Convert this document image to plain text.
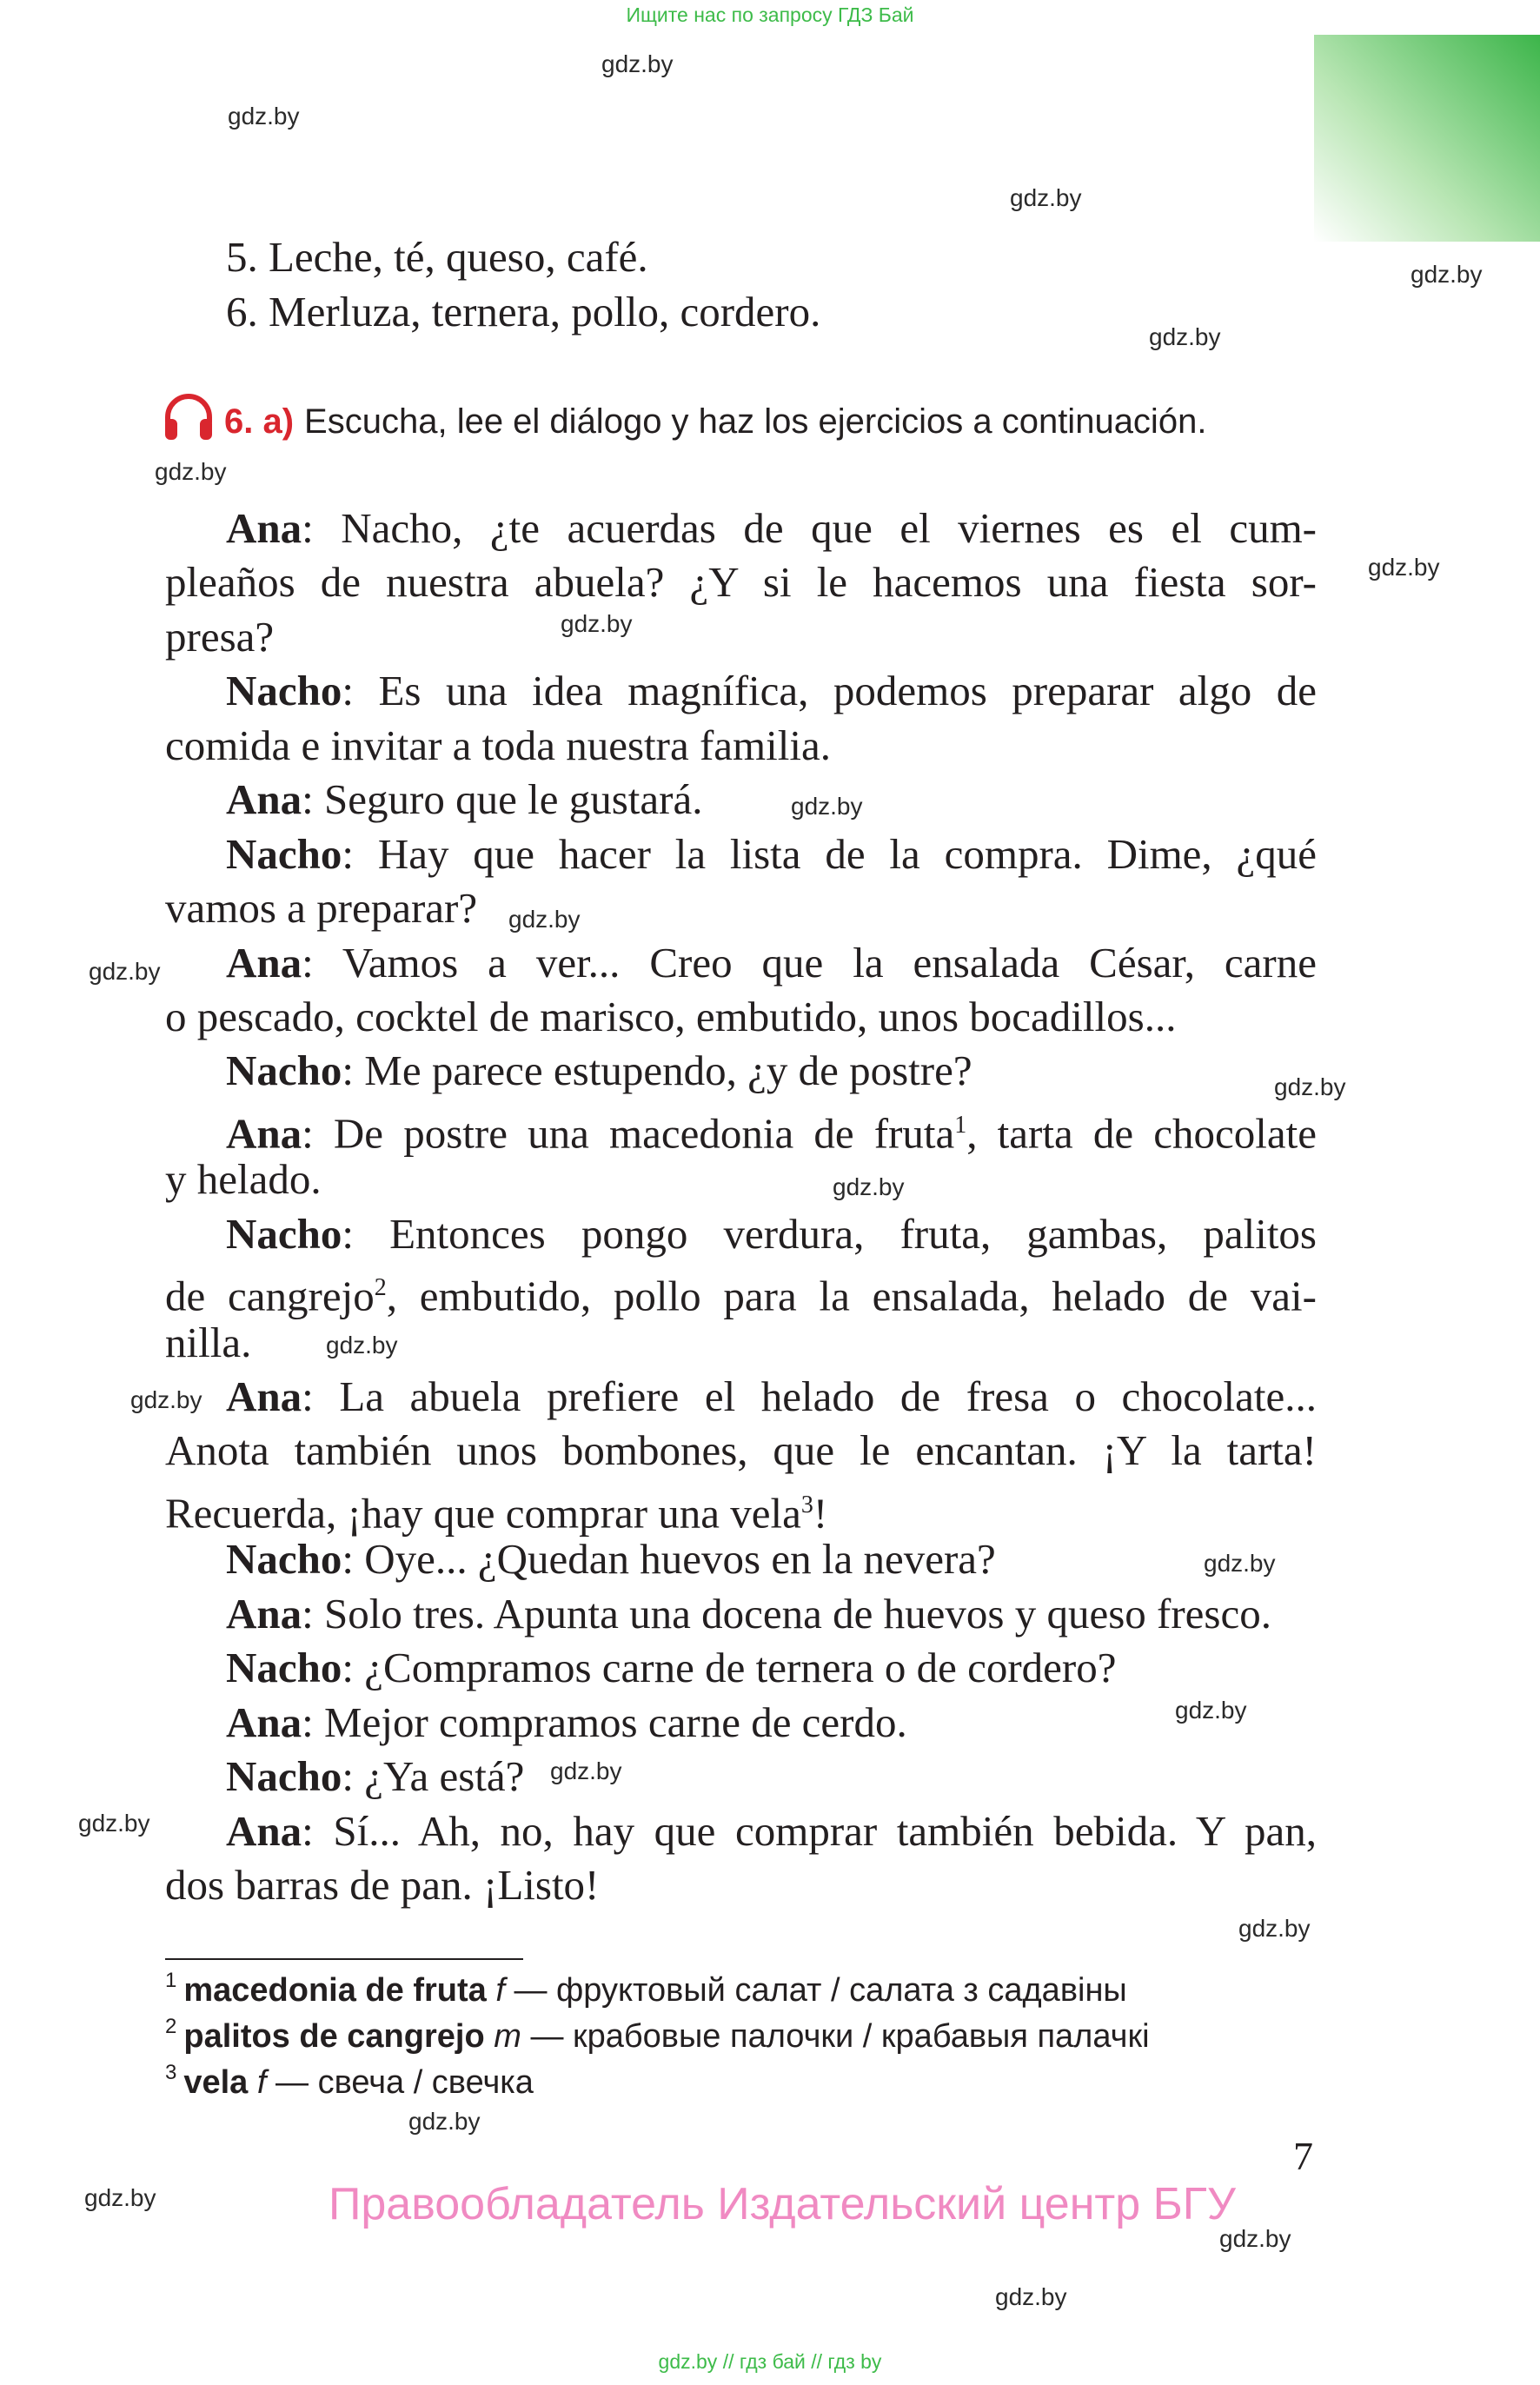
Ищите нас по запросу ГДЗ Бай
5. Leche, té, queso, café.
6. Merluza, ternera, pollo, cordero.
6. a) Escucha, lee el diálogo y haz los ejercicios a continuación.
Ana: Nacho, ¿te acuerdas de que el viernes es el cum-
pleaños de nuestra abuela? ¿Y si le hacemos una fiesta sor-
presa?
Nacho: Es una idea magnífica, podemos preparar algo de
comida e invitar a toda nuestra familia.
Ana: Seguro que le gustará.
Nacho: Hay que hacer la lista de la compra. Dime, ¿qué
vamos a preparar?
Ana: Vamos a ver... Creo que la ensalada César, carne
o pescado, cocktel de marisco, embutido, unos bocadillos...
Nacho: Me parece estupendo, ¿y de postre?
Ana: De postre una macedonia de fruta$^1$, tarta de chocolate
y helado.
Nacho: Entonces pongo verdura, fruta, gambas, palitos
de cangrejo$^2$, embutido, pollo para la ensalada, helado de vai-
nilla.
Ana: La abuela prefiere el helado de fresa o chocolate...
Anota también unos bombones, que le encantan. ¡Y la tarta!
Recuerda, ¡hay que comprar una vela$^3$!
Nacho: Oye... ¿Quedan huevos en la nevera?
Ana: Solo tres. Apunta una docena de huevos y queso fresco.
Nacho: ¿Compramos carne de ternera o de cordero?
Ana: Mejor compramos carne de cerdo.
Nacho: ¿Ya está?
Ana: Sí... Ah, no, hay que comprar también bebida. Y pan,
dos barras de pan. ¡Listo!
$^1$ macedonia de fruta f — фруктовый салат / салата з садавіны
$^2$ palitos de cangrejo m — крабовые палочки / крабавыя палачкі
$^3$ vela f — свеча / свечка
7
Правообладатель Издательский центр БГУ
gdz.by
gdz.by
gdz.by
gdz.by
gdz.by
gdz.by
gdz.by
gdz.by
gdz.by
gdz.by
gdz.by
gdz.by
gdz.by
gdz.by
gdz.by
gdz.by
gdz.by
gdz.by
gdz.by
gdz.by
gdz.by
gdz.by
gdz.by
gdz.by
gdz.by // гдз бай // гдз by
